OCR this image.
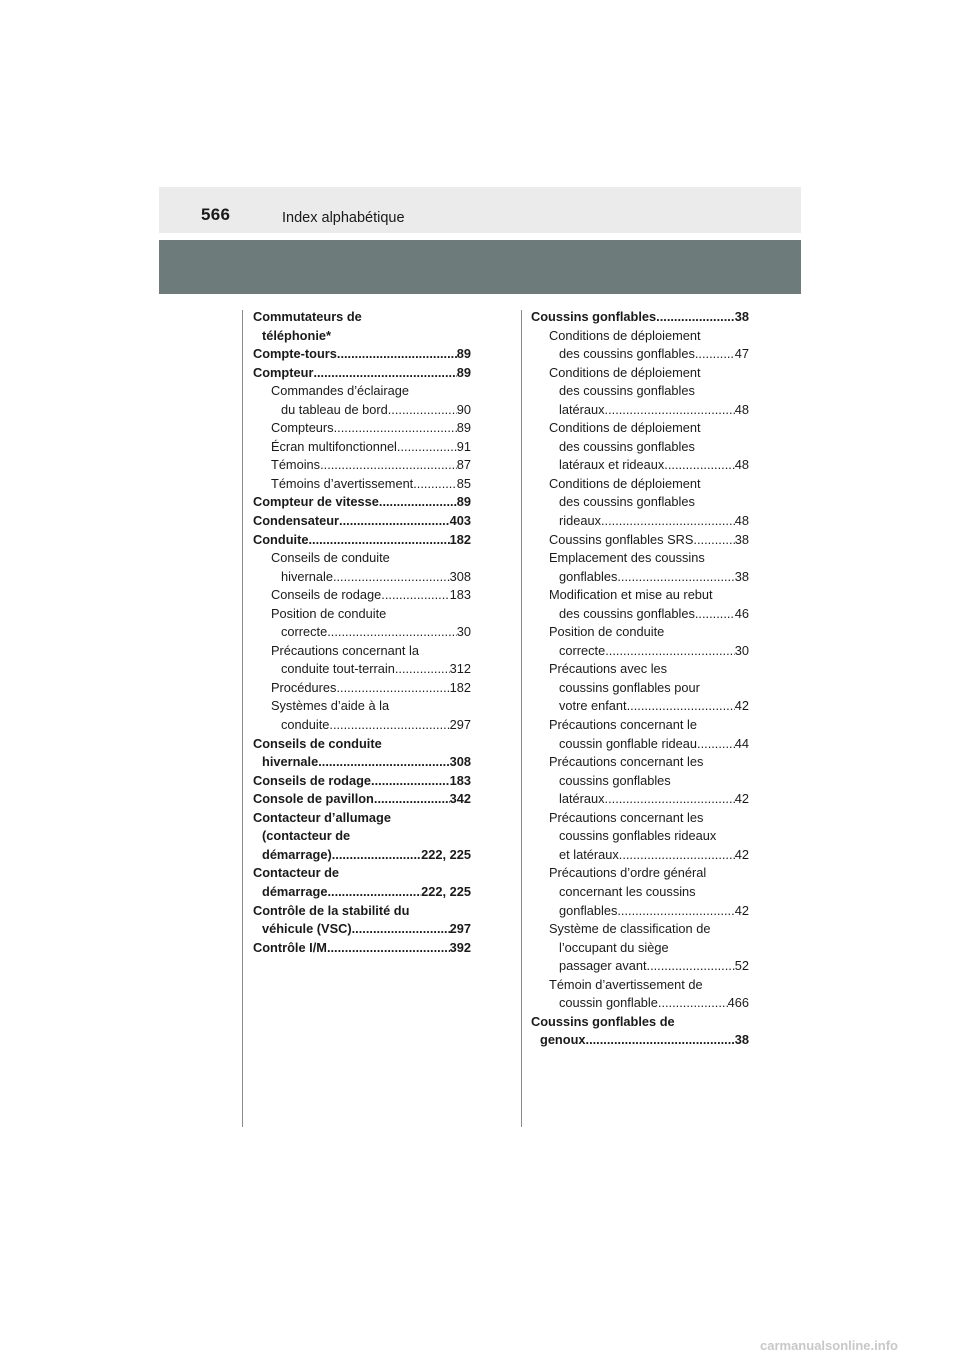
566	Index alphabétique
Commutateurs de
téléphonie *
Compte-tours .....	89
Compteur .....	89
Commandes d’éclairage
du tableau de bord .....	90
Compteurs .....	89
Écran multifonctionnel .....	91
Témoins .....	87
Témoins d’avertissement .....	85
Compteur de vitesse .....	89
Condensateur .....	403
Conduite .....	182
Conseils de conduite
hivernale .....	308
Conseils de rodage .....	183
Position de conduite
correcte .....	30
Précautions concernant la
conduite tout-terrain .....	312
Procédures .....	182
Systèmes d’aide à la
conduite .....	297
Conseils de conduite
hivernale .....	308
Conseils de rodage .....	183
Console de pavillon .....	342
Contacteur d’allumage
(contacteur de
démarrage) .....	222, 225
Contacteur de
démarrage .....	222, 225
Contrôle de la stabilité du
véhicule (VSC) .....	297
Contrôle I/M .....	392
Coussins gonflables .....	38
Conditions de déploiement
des coussins gonflables .....	47
Conditions de déploiement
des coussins gonflables
latéraux .....	48
Conditions de déploiement
des coussins gonflables
latéraux et rideaux .....	48
Conditions de déploiement
des coussins gonflables
rideaux .....	48
Coussins gonflables SRS .....	38
Emplacement des coussins
gonflables .....	38
Modification et mise au rebut
des coussins gonflables .....	46
Position de conduite
correcte .....	30
Précautions avec les
coussins gonflables pour
votre enfant .....	42
Précautions concernant le
coussin gonflable rideau .....	44
Précautions concernant les
coussins gonflables
latéraux .....	42
Précautions concernant les
coussins gonflables rideaux
et latéraux .....	42
Précautions d’ordre général
concernant les coussins
gonflables .....	42
Système de classification de
l’occupant du siège
passager avant .....	52
Témoin d’avertissement de
coussin gonflable .....	466
Coussins gonflables de
genoux .....	38
carmanualsonline.info
